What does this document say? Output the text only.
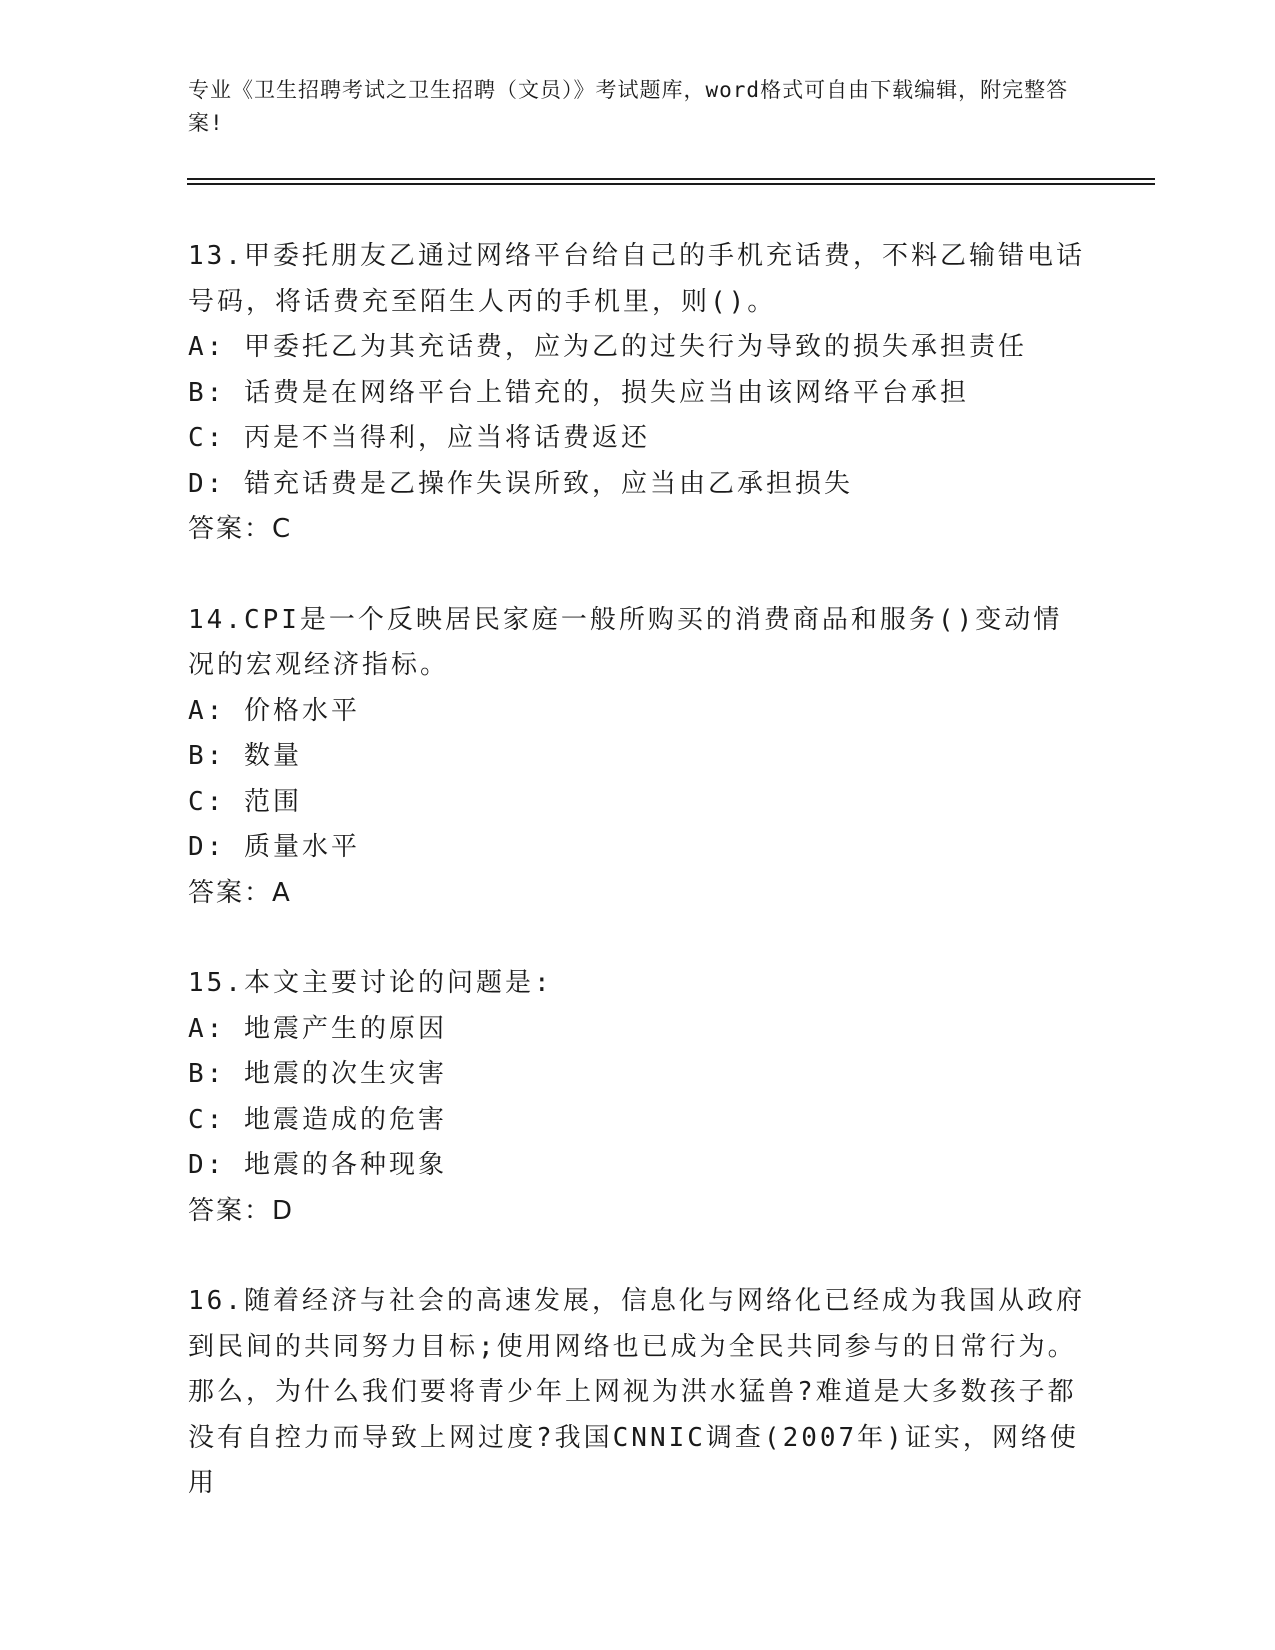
专业《卫生招聘考试之卫生招聘（文员）》考试题库，word格式可自由下载编辑，附完整答案!

13.甲委托朋友乙通过网络平台给自己的手机充话费，不料乙输错电话号码，将话费充至陌生人丙的手机里，则()。

A: 甲委托乙为其充话费，应为乙的过失行为导致的损失承担责任

B: 话费是在网络平台上错充的，损失应当由该网络平台承担

C: 丙是不当得利，应当将话费返还

D: 错充话费是乙操作失误所致，应当由乙承担损失

答案：C

14.CPI是一个反映居民家庭一般所购买的消费商品和服务()变动情况的宏观经济指标。

A: 价格水平

B: 数量

C: 范围

D: 质量水平

答案：A

15.本文主要讨论的问题是:

A: 地震产生的原因

B: 地震的次生灾害

C: 地震造成的危害

D: 地震的各种现象

答案：D

16.随着经济与社会的高速发展，信息化与网络化已经成为我国从政府到民间的共同努力目标;使用网络也已成为全民共同参与的日常行为。那么，为什么我们要将青少年上网视为洪水猛兽?难道是大多数孩子都没有自控力而导致上网过度?我国CNNIC调查(2007年)证实，网络使用
